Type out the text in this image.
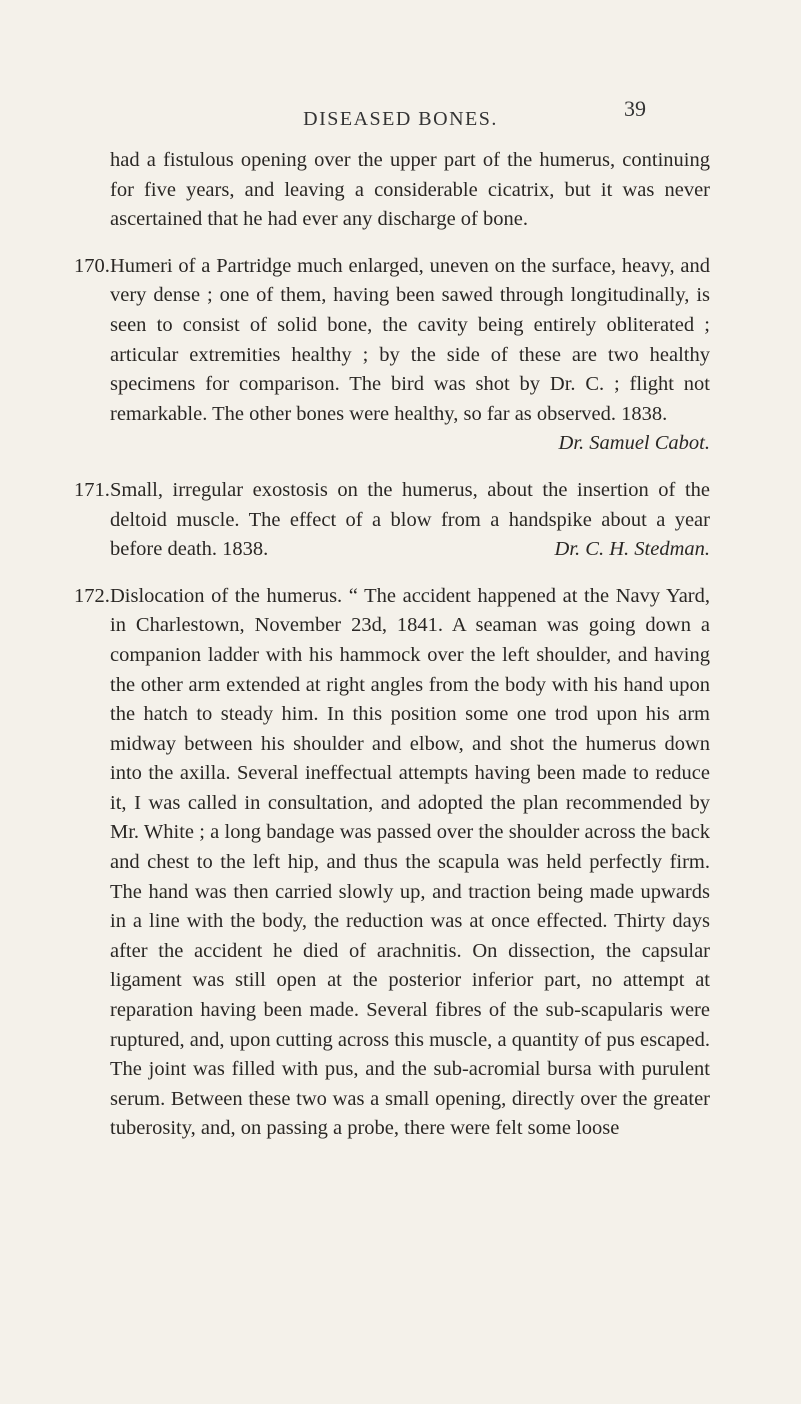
DISEASED BONES.	39

had a fistulous opening over the upper part of the humerus, continuing for five years, and leaving a considerable cicatrix, but it was never ascertained that he had ever any discharge of bone.

170. Humeri of a Partridge much enlarged, uneven on the surface, heavy, and very dense ; one of them, having been sawed through longitudinally, is seen to consist of solid bone, the cavity being entirely obliterated ; articular extremities healthy ; by the side of these are two healthy specimens for comparison. The bird was shot by Dr. C. ; flight not remarkable. The other bones were healthy, so far as observed. 1838.

Dr. Samuel Cabot.

171. Small, irregular exostosis on the humerus, about the insertion of the deltoid muscle. The effect of a blow from a handspike about a year before death. 1838.	Dr. C. H. Stedman.

172. Dislocation of the humerus. “ The accident happened at the Navy Yard, in Charlestown, November 23d, 1841. A seaman was going down a companion ladder with his hammock over the left shoulder, and having the other arm extended at right angles from the body with his hand upon the hatch to steady him. In this position some one trod upon his arm midway between his shoulder and elbow, and shot the humerus down into the axilla. Several ineffectual attempts having been made to reduce it, I was called in consultation, and adopted the plan recommended by Mr. White ; a long bandage was passed over the shoulder across the back and chest to the left hip, and thus the scapula was held perfectly firm. The hand was then carried slowly up, and traction being made upwards in a line with the body, the reduction was at once effected. Thirty days after the accident he died of arachnitis. On dissection, the capsular ligament was still open at the posterior inferior part, no attempt at reparation having been made. Several fibres of the sub-scapularis were ruptured, and, upon cutting across this muscle, a quantity of pus escaped. The joint was filled with pus, and the sub-acromial bursa with purulent serum. Between these two was a small opening, directly over the greater tuberosity, and, on passing a probe, there were felt some loose
